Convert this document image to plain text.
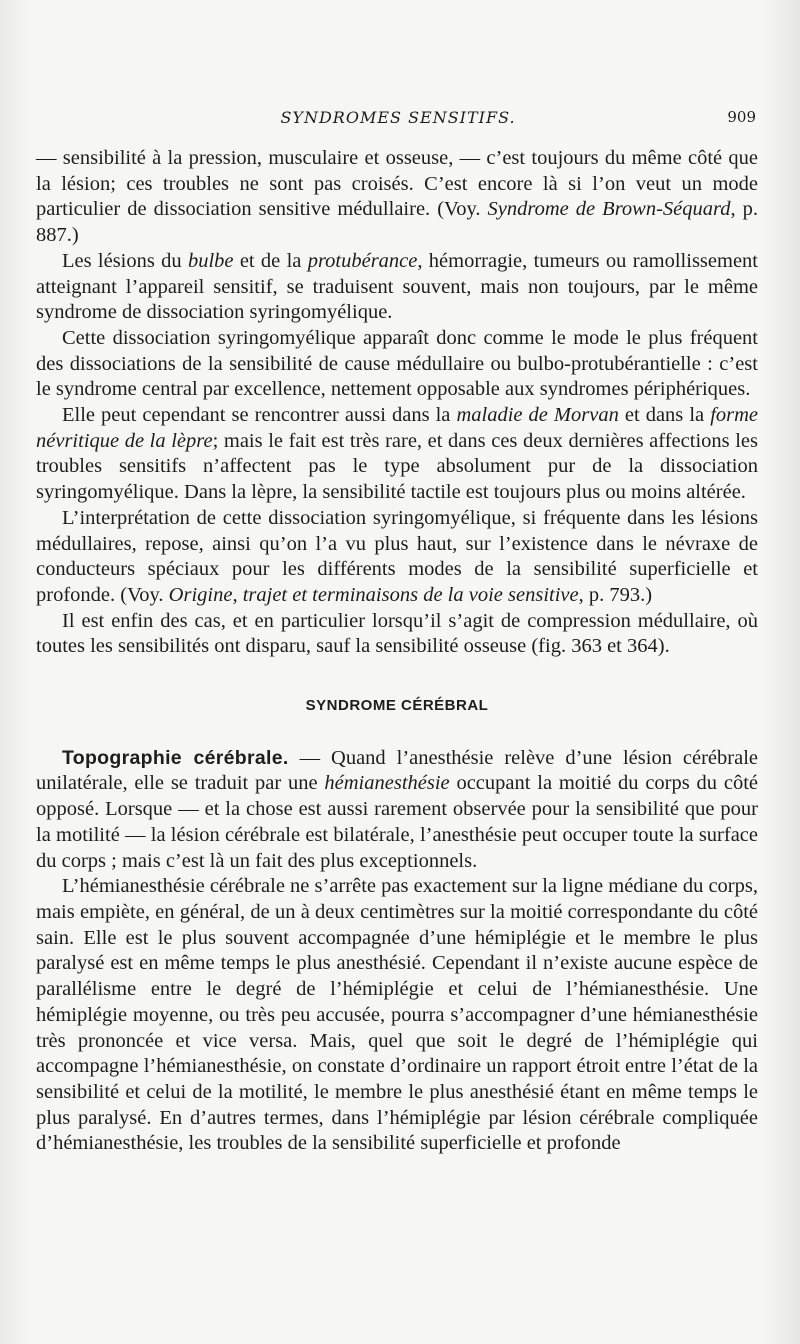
SYNDROMES SENSITIFS.	909

— sensibilité à la pression, musculaire et osseuse, — c’est toujours du même côté que la lésion; ces troubles ne sont pas croisés. C’est encore là si l’on veut un mode particulier de dissociation sensitive médullaire. (Voy. Syndrome de Brown-Séquard, p. 887.)

Les lésions du bulbe et de la protubérance, hémorragie, tumeurs ou ramollissement atteignant l’appareil sensitif, se traduisent souvent, mais non toujours, par le même syndrome de dissociation syringomyélique.

Cette dissociation syringomyélique apparaît donc comme le mode le plus fréquent des dissociations de la sensibilité de cause médullaire ou bulbo-protubérantielle : c’est le syndrome central par excellence, nettement opposable aux syndromes périphériques.

Elle peut cependant se rencontrer aussi dans la maladie de Morvan et dans la forme névritique de la lèpre; mais le fait est très rare, et dans ces deux dernières affections les troubles sensitifs n’affectent pas le type absolument pur de la dissociation syringomyélique. Dans la lèpre, la sensibilité tactile est toujours plus ou moins altérée.

L’interprétation de cette dissociation syringomyélique, si fréquente dans les lésions médullaires, repose, ainsi qu’on l’a vu plus haut, sur l’existence dans le névraxe de conducteurs spéciaux pour les différents modes de la sensibilité superficielle et profonde. (Voy. Origine, trajet et terminaisons de la voie sensitive, p. 793.)

Il est enfin des cas, et en particulier lorsqu’il s’agit de compression médullaire, où toutes les sensibilités ont disparu, sauf la sensibilité osseuse (fig. 363 et 364).

SYNDROME CÉRÉBRAL

Topographie cérébrale. — Quand l’anesthésie relève d’une lésion cérébrale unilatérale, elle se traduit par une hémianesthésie occupant la moitié du corps du côté opposé. Lorsque — et la chose est aussi rarement observée pour la sensibilité que pour la motilité — la lésion cérébrale est bilatérale, l’anesthésie peut occuper toute la surface du corps ; mais c’est là un fait des plus exceptionnels.

L’hémianesthésie cérébrale ne s’arrête pas exactement sur la ligne médiane du corps, mais empiète, en général, de un à deux centimètres sur la moitié correspondante du côté sain. Elle est le plus souvent accompagnée d’une hémiplégie et le membre le plus paralysé est en même temps le plus anesthésié. Cependant il n’existe aucune espèce de parallélisme entre le degré de l’hémiplégie et celui de l’hémianesthésie. Une hémiplégie moyenne, ou très peu accusée, pourra s’accompagner d’une hémianesthésie très prononcée et vice versa. Mais, quel que soit le degré de l’hémiplégie qui accompagne l’hémianesthésie, on constate d’ordinaire un rapport étroit entre l’état de la sensibilité et celui de la motilité, le membre le plus anesthésié étant en même temps le plus paralysé. En d’autres termes, dans l’hémiplégie par lésion cérébrale compliquée d’hémianesthésie, les troubles de la sensibilité superficielle et profonde
